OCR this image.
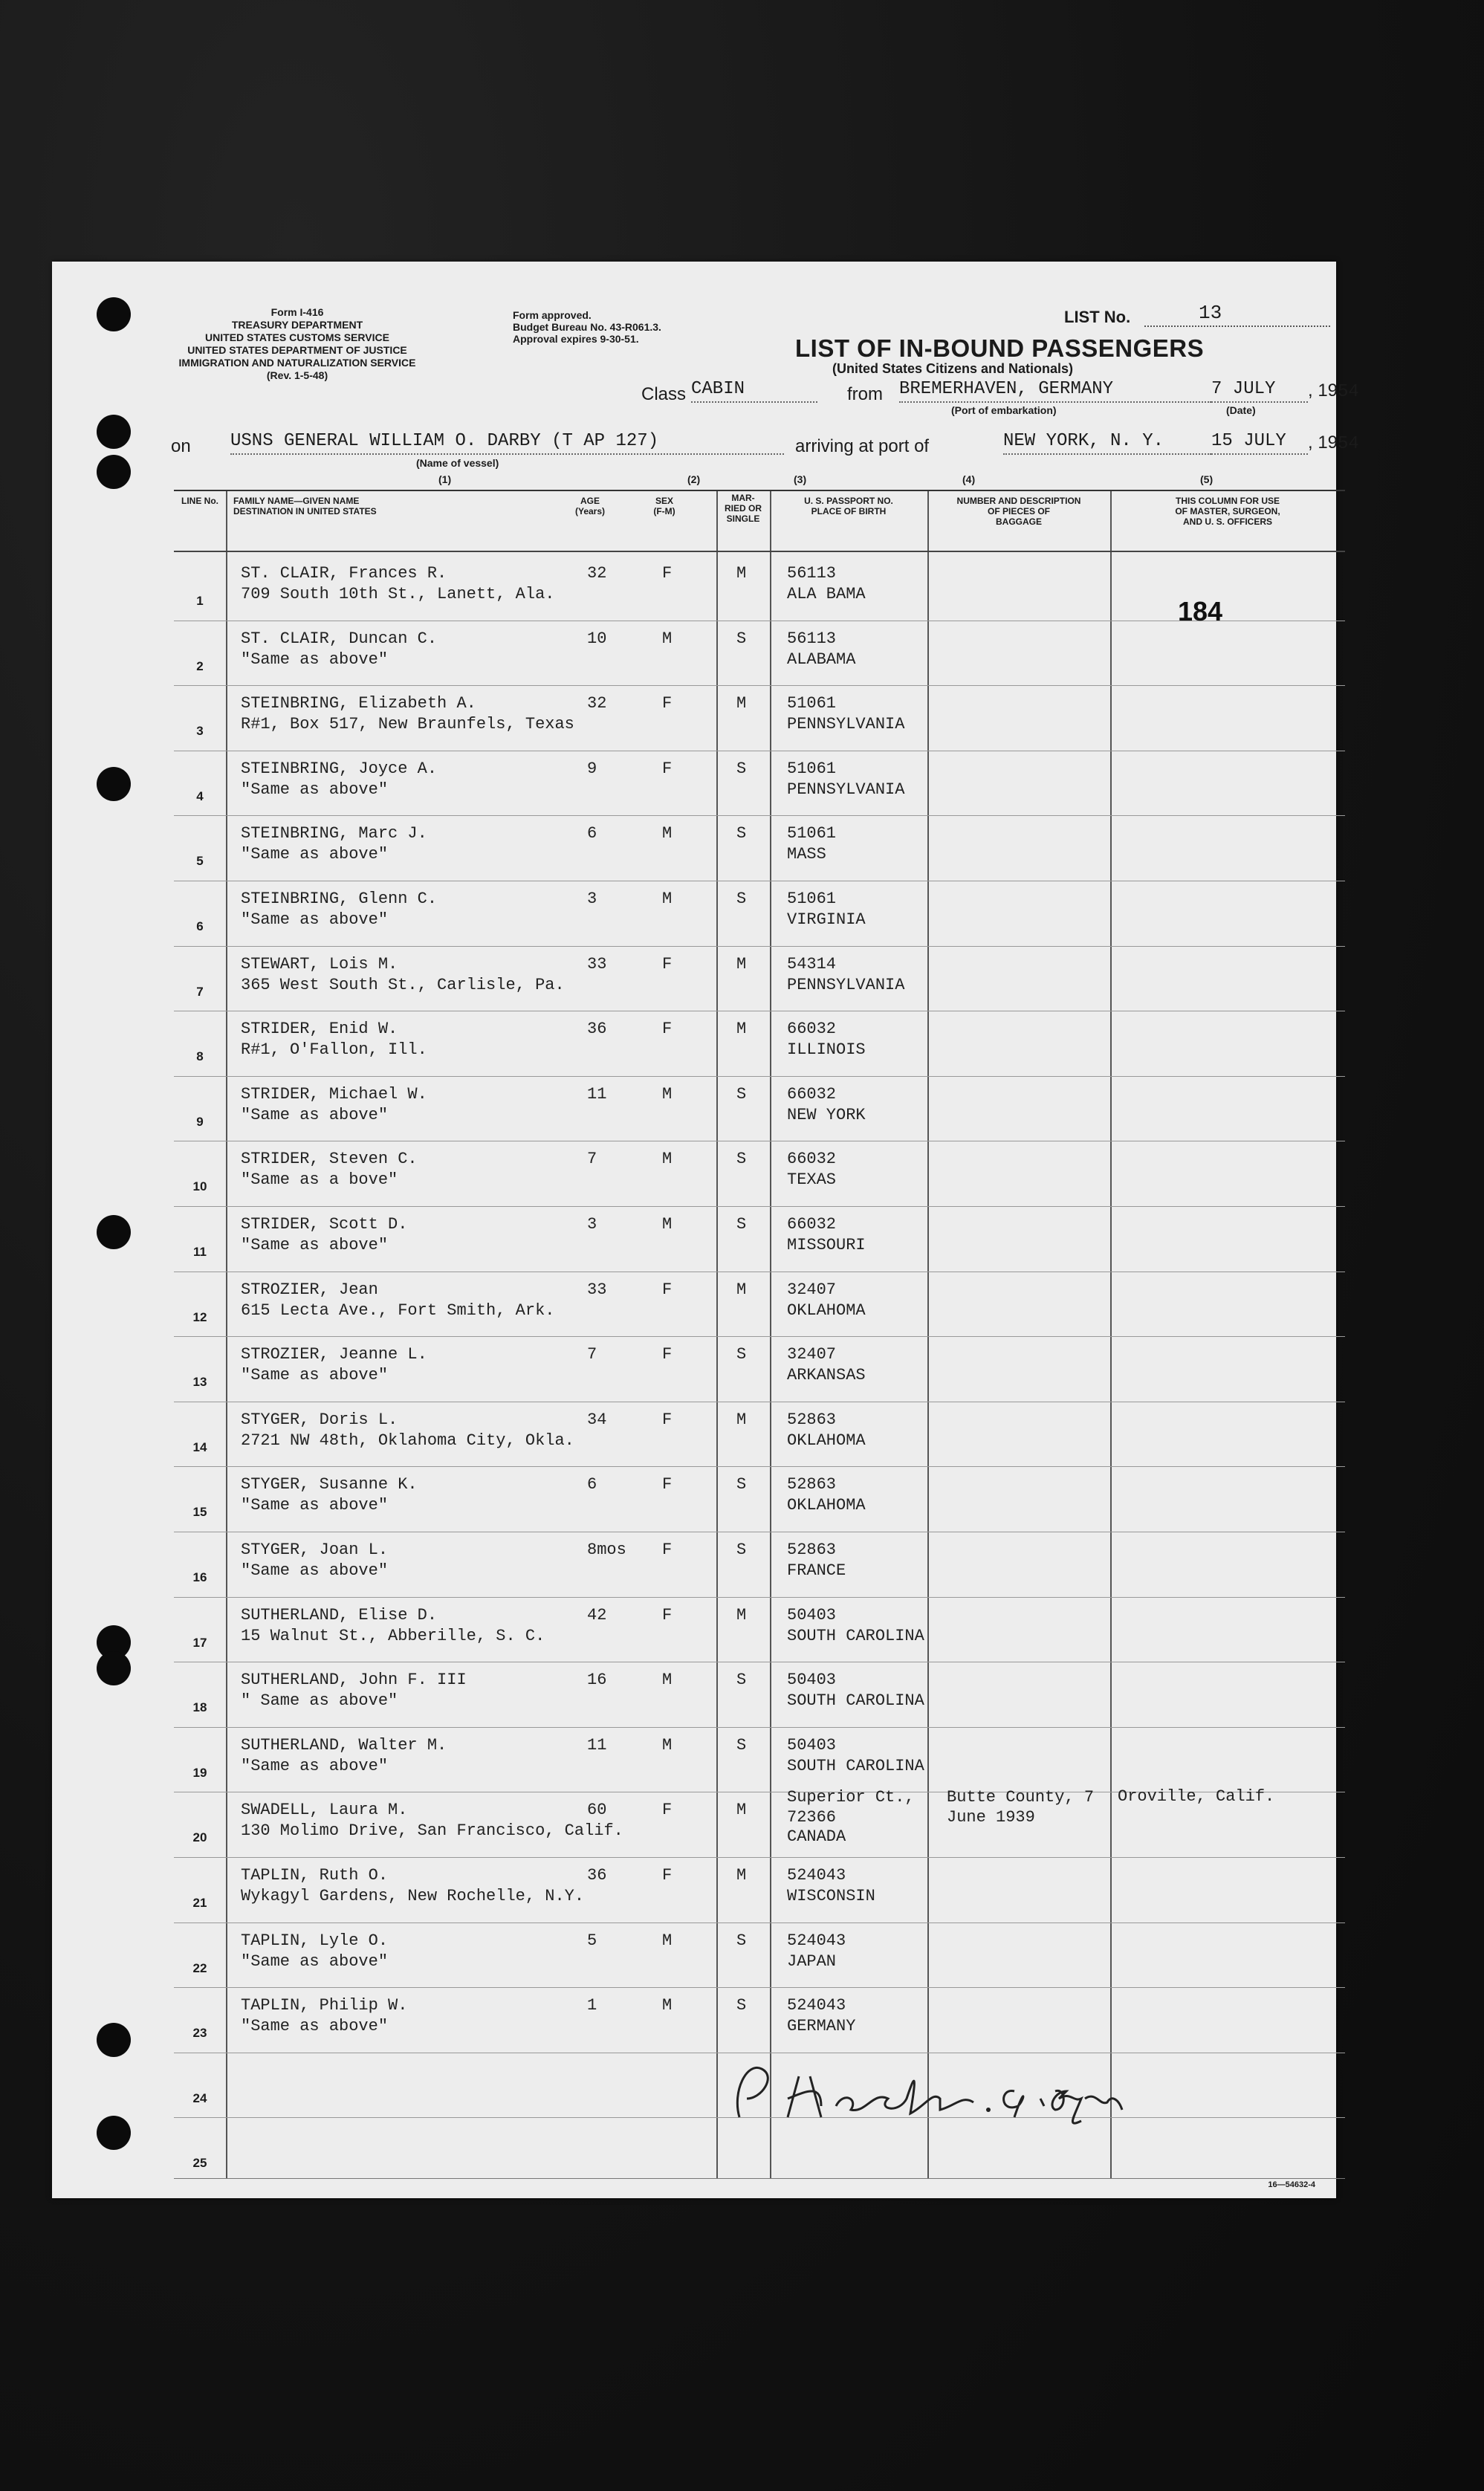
Form I-416
TREASURY DEPARTMENT
UNITED STATES CUSTOMS SERVICE
UNITED STATES DEPARTMENT OF JUSTICE
IMMIGRATION AND NATURALIZATION SERVICE
(Rev. 1-5-48)
Form approved.
Budget Bureau No. 43-R061.3.
Approval expires 9-30-51.
LIST No.	13
LIST OF IN-BOUND PASSENGERS
(United States Citizens and Nationals)
Class CABIN	from BREMERHAVEN, GERMANY	7 JULY	, 1954
(Port of embarkation)	(Date)
on USNS GENERAL WILLIAM O. DARBY (T AP 127)	arriving at port of	NEW YORK, N. Y.	15 JULY	, 1954
(Name of vessel)
(1)	(2)	(3)	(4)	(5)
LINE No.	FAMILY NAME—GIVEN NAME
DESTINATION IN UNITED STATES
AGE
(Years)
SEX
(F-M)
MAR-
RIED OR
SINGLE
U. S. PASSPORT NO.
PLACE OF BIRTH
NUMBER AND DESCRIPTION
OF PIECES OF
BAGGAGE
THIS COLUMN FOR USE
OF MASTER, SURGEON,
AND U. S. OFFICERS
1
ST. CLAIR, Frances R.
709 South 10th St., Lanett, Ala.
32	F	M 56113
ALA BAMA
2
ST. CLAIR, Duncan C.
"Same as above"
10	M	S 56113
ALABAMA
3
STEINBRING, Elizabeth A.
R#1, Box 517, New Braunfels, Texas
32	F	M 51061
PENNSYLVANIA
4
STEINBRING, Joyce A.
"Same as above"
9	F	S 51061
PENNSYLVANIA
5
STEINBRING, Marc J.
"Same as above"
6	M	S 51061
MASS
6
STEINBRING, Glenn C.
"Same as above"
3	M	S 51061
VIRGINIA
7
STEWART, Lois M.
365 West South St., Carlisle, Pa.
33	F	M 54314
PENNSYLVANIA
8
STRIDER, Enid W.
R#1, O'Fallon, Ill.
36	F	M 66032
ILLINOIS
9
STRIDER, Michael W.
"Same as above"
11	M	S 66032
NEW YORK
10
STRIDER, Steven C.
"Same as a bove"
7	M	S 66032
TEXAS
11
STRIDER, Scott D.
"Same as above"
3	M	S 66032
MISSOURI
12
STROZIER, Jean
615 Lecta Ave., Fort Smith, Ark.
33	F	M 32407
OKLAHOMA
13
STROZIER, Jeanne L.
"Same as above"
7	F	S 32407
ARKANSAS
14
STYGER, Doris L.
2721 NW 48th, Oklahoma City, Okla.
34	F	M 52863
OKLAHOMA
15
STYGER, Susanne K.
"Same as above"
6	F	S 52863
OKLAHOMA
16
STYGER, Joan L.
"Same as above"
8mos F	S 52863
FRANCE
17
SUTHERLAND, Elise D.
15 Walnut St., Abberille, S. C.
42	F	M 50403
SOUTH CAROLINA
18
SUTHERLAND, John F. III
" Same as above"
16	M	S 50403
SOUTH CAROLINA
19
SUTHERLAND, Walter M.
"Same as above"
11	M	S 50403
SOUTH CAROLINA
20
SWADELL, Laura M.
130 Molimo Drive, San Francisco, Calif.
60	F	M
Superior Ct., 72366
CANADA
Butte County, 7 June 1939
Oroville, Calif.
21
TAPLIN, Ruth O.
Wykagyl Gardens, New Rochelle, N.Y.
36	F	M 524043
WISCONSIN
22
TAPLIN, Lyle O.
"Same as above"
5	M	S 524043
JAPAN
23
TAPLIN, Philip W.
"Same as above"
1	M	S 524043
GERMANY
24
25
184
16—54632-4
